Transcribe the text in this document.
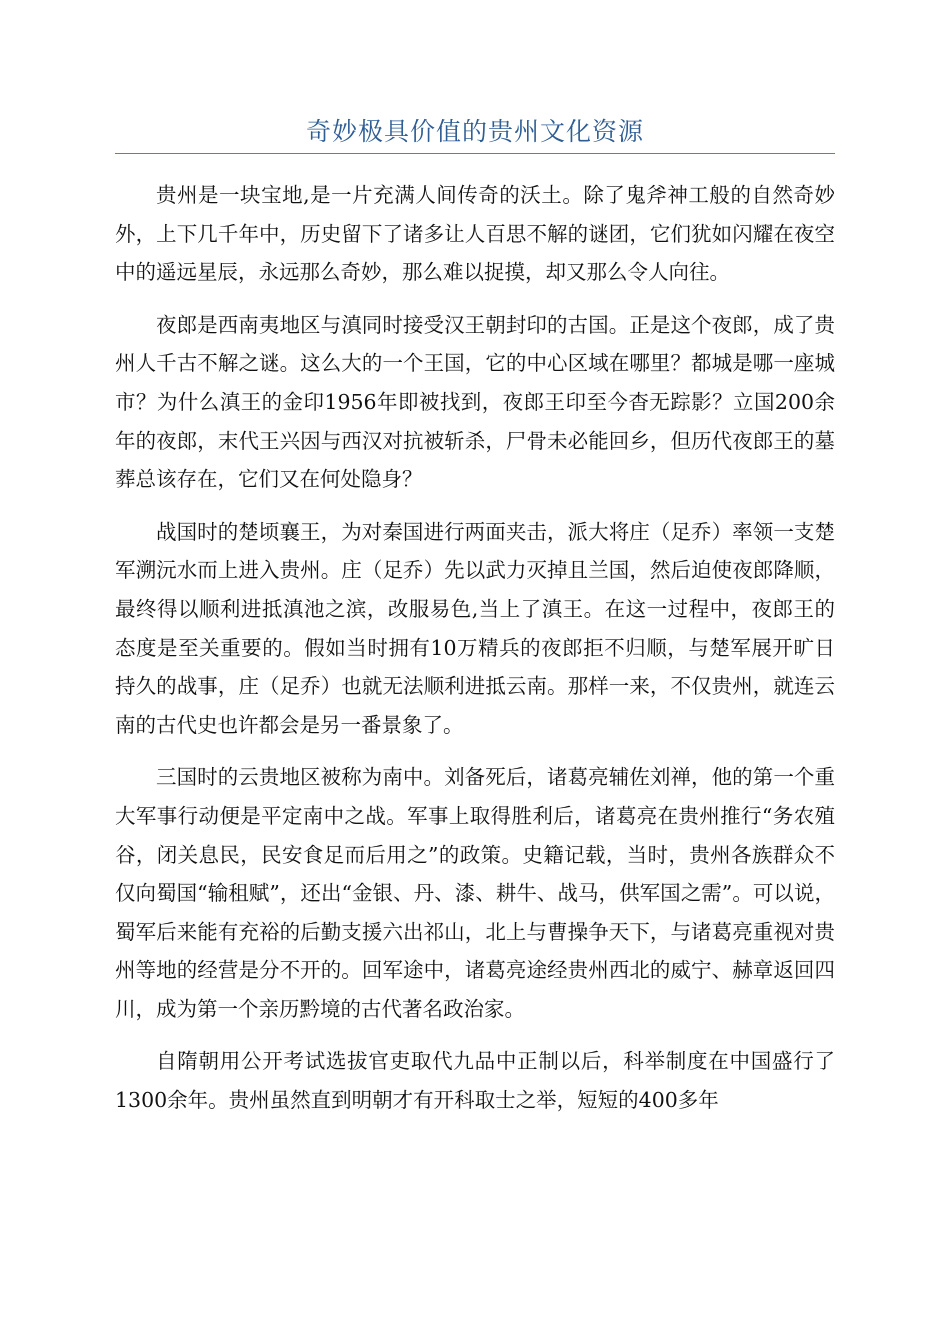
奇妙极具价值的贵州文化资源

贵州是一块宝地,是一片充满人间传奇的沃土。除了鬼斧神工般的自然奇妙外，上下几千年中，历史留下了诸多让人百思不解的谜团，它们犹如闪耀在夜空中的遥远星辰，永远那么奇妙，那么难以捉摸，却又那么令人向往。

夜郎是西南夷地区与滇同时接受汉王朝封印的古国。正是这个夜郎，成了贵州人千古不解之谜。这么大的一个王国，它的中心区域在哪里？都城是哪一座城市？为什么滇王的金印1956年即被找到，夜郎王印至今杳无踪影？立国200余年的夜郎，末代王兴因与西汉对抗被斩杀，尸骨未必能回乡，但历代夜郎王的墓葬总该存在，它们又在何处隐身？

战国时的楚顷襄王，为对秦国进行两面夹击，派大将庄（足乔）率领一支楚军溯沅水而上进入贵州。庄（足乔）先以武力灭掉且兰国，然后迫使夜郎降顺，最终得以顺利进抵滇池之滨，改服易色,当上了滇王。在这一过程中，夜郎王的态度是至关重要的。假如当时拥有10万精兵的夜郎拒不归顺，与楚军展开旷日持久的战事，庄（足乔）也就无法顺利进抵云南。那样一来，不仅贵州，就连云南的古代史也许都会是另一番景象了。

三国时的云贵地区被称为南中。刘备死后，诸葛亮辅佐刘禅，他的第一个重大军事行动便是平定南中之战。军事上取得胜利后，诸葛亮在贵州推行“务农殖谷，闭关息民，民安食足而后用之”的政策。史籍记载，当时，贵州各族群众不仅向蜀国“输租赋”，还出“金银、丹、漆、耕牛、战马，供军国之需”。可以说，蜀军后来能有充裕的后勤支援六出祁山，北上与曹操争天下，与诸葛亮重视对贵州等地的经营是分不开的。回军途中，诸葛亮途经贵州西北的威宁、赫章返回四川，成为第一个亲历黔境的古代著名政治家。

自隋朝用公开考试选拔官吏取代九品中正制以后，科举制度在中国盛行了1300余年。贵州虽然直到明朝才有开科取士之举，短短的400多年
